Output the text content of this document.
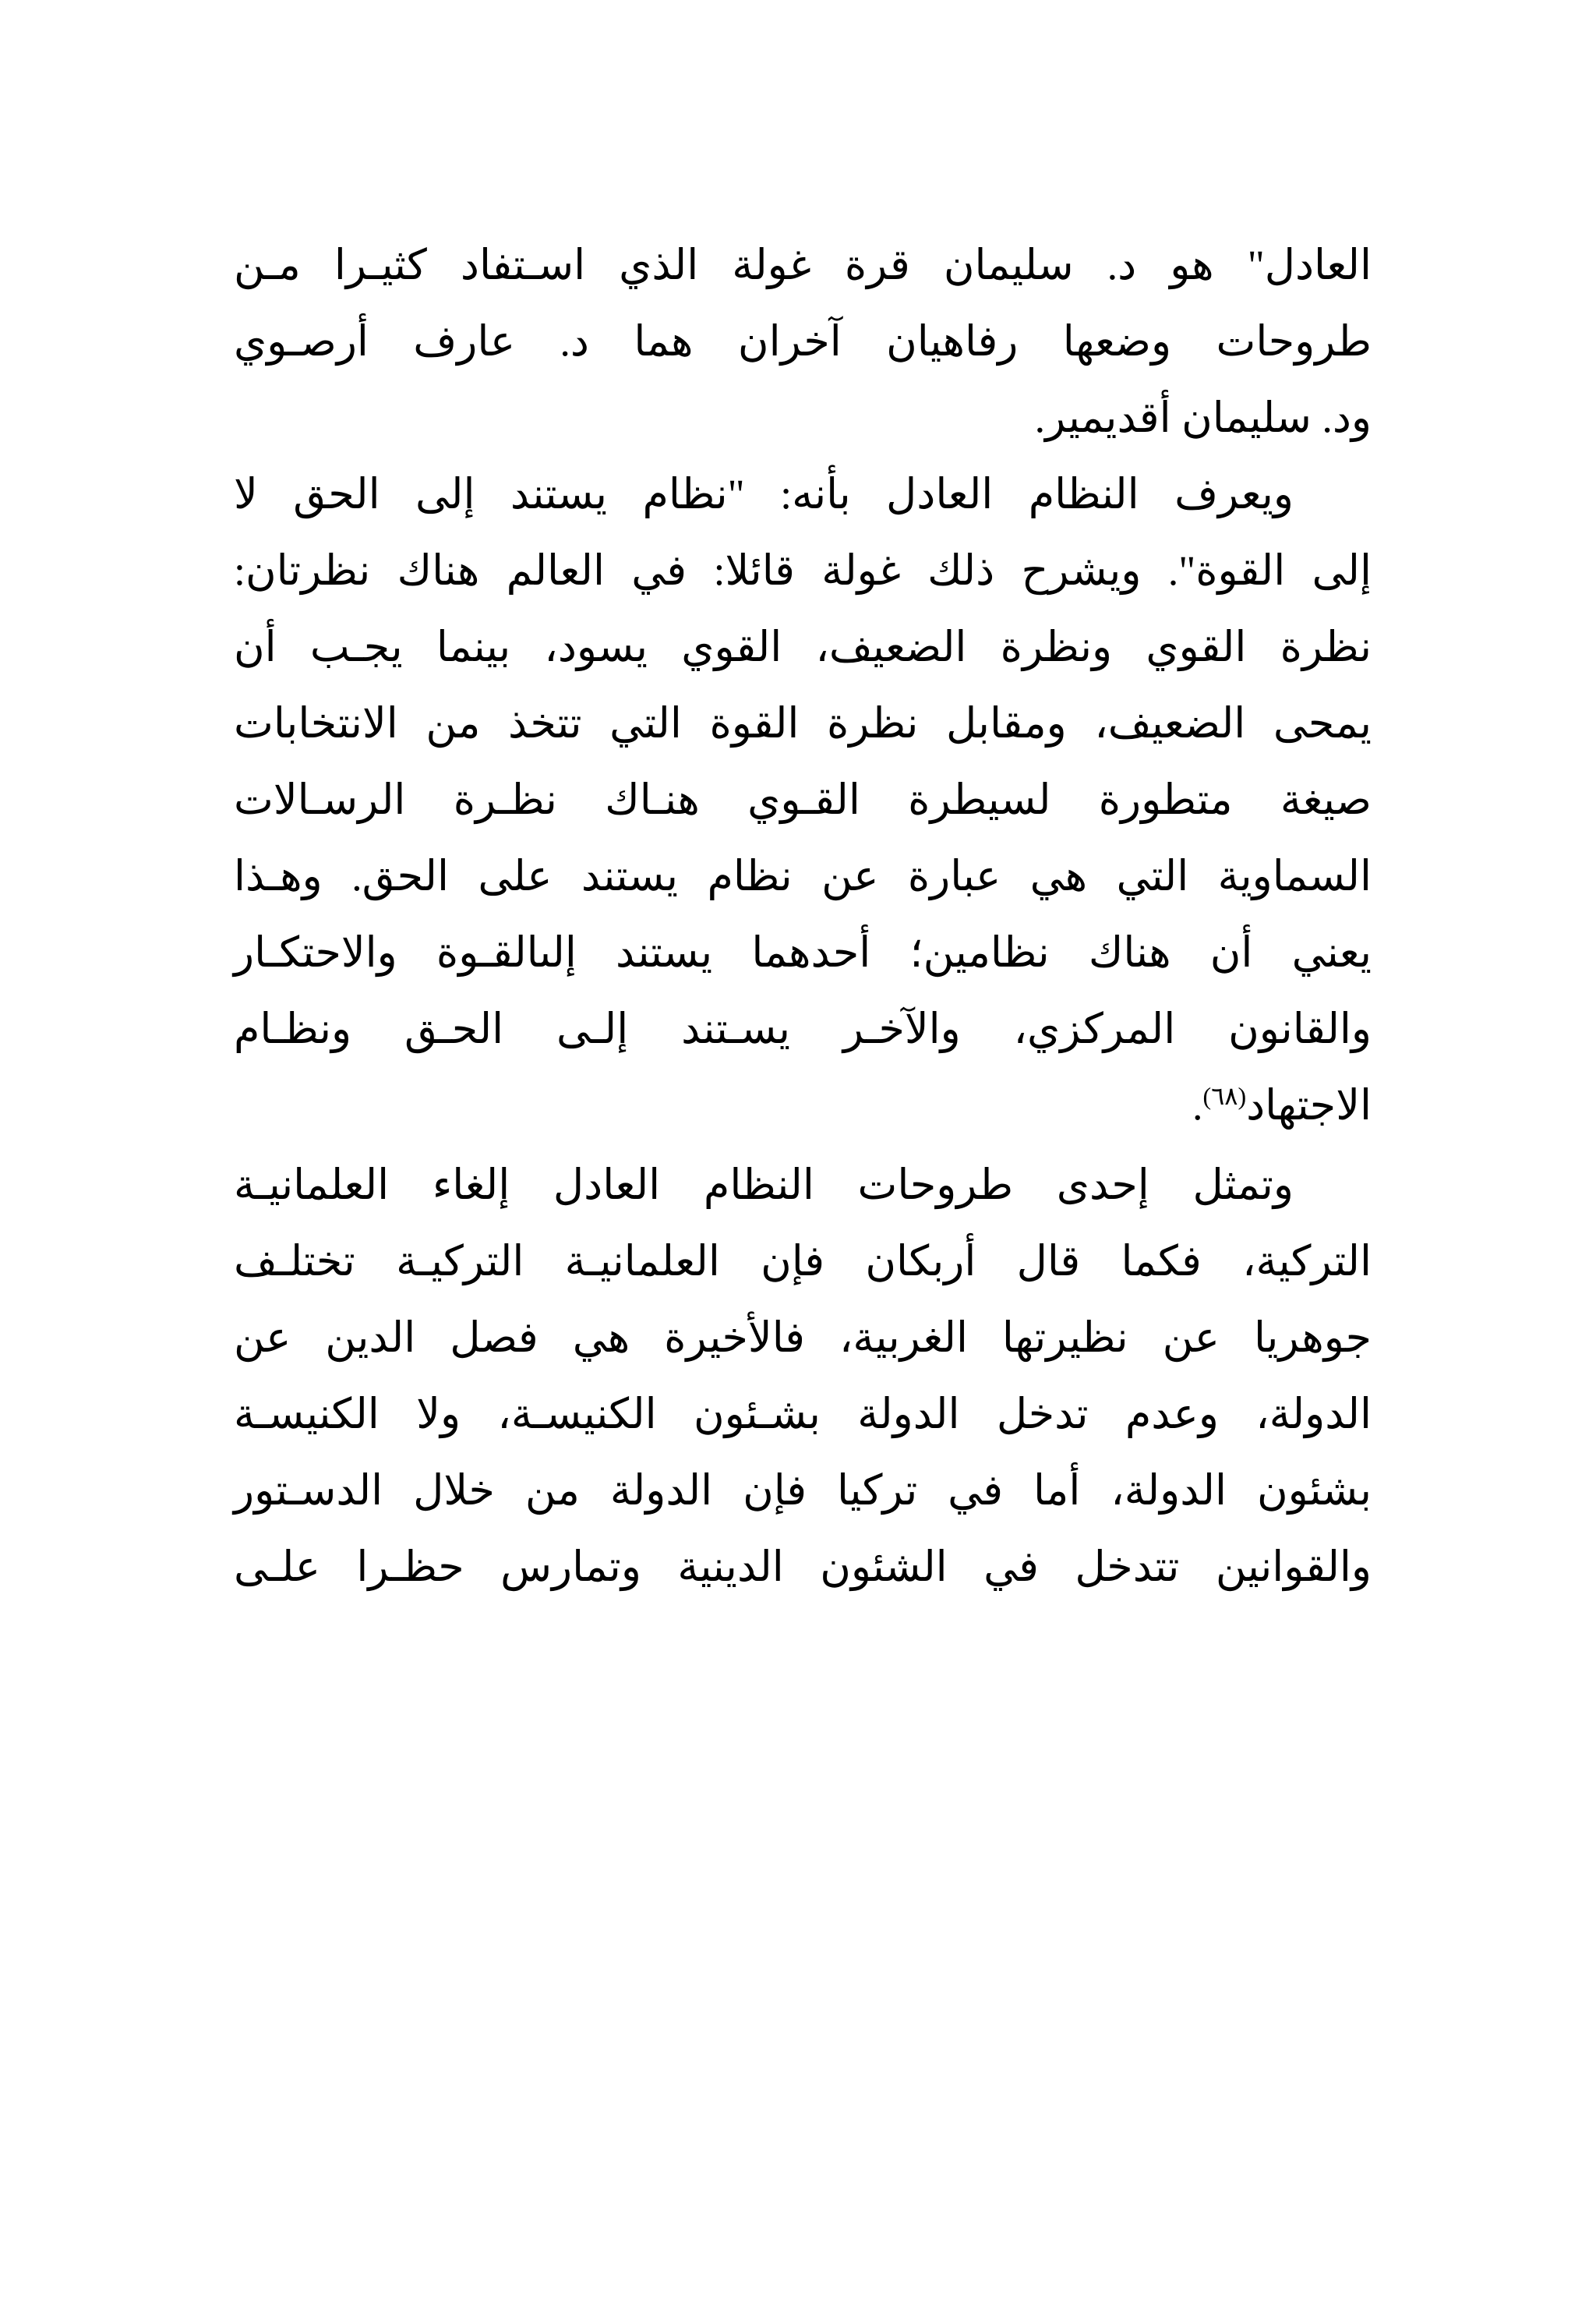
العادل" هو د. سليمان قرة غولة الذي اسـتفاد كثيـرا مـن
طروحات وضعها رفاهيان آخران هما د. عارف أرصـوي
ود. سليمان أقديمير.
ويعرف النظام العادل بأنه: "نظام يستند إلى الحق لا
إلى القوة". ويشرح ذلك غولة قائلا: في العالم هناك نظرتان:
نظرة القوي ونظرة الضعيف، القوي يسود، بينما يجـب أن
يمحى الضعيف، ومقابل نظرة القوة التي تتخذ من الانتخابات
صيغة متطورة لسيطرة القـوي هنـاك نظـرة الرسـالات
السماوية التي هي عبارة عن نظام يستند على الحق. وهـذا
يعني أن هناك نظامين؛ أحدهما يستند إلىالقـوة والاحتكـار
والقانون المركزي، والآخـر يسـتند إلـى الحـق ونظـام
الاجتهاد$^{(٦٨)}$.
وتمثل إحدى طروحات النظام العادل إلغاء العلمانيـة
التركية، فكما قال أربكان فإن العلمانيـة التركيـة تختلـف
جوهريا عن نظيرتها الغربية، فالأخيرة هي فصل الدين عن
الدولة، وعدم تدخل الدولة بشـئون الكنيسـة، ولا الكنيسـة
بشئون الدولة، أما في تركيا فإن الدولة من خلال الدسـتور
والقوانين تتدخل في الشئون الدينية وتمارس حظـرا علـى
